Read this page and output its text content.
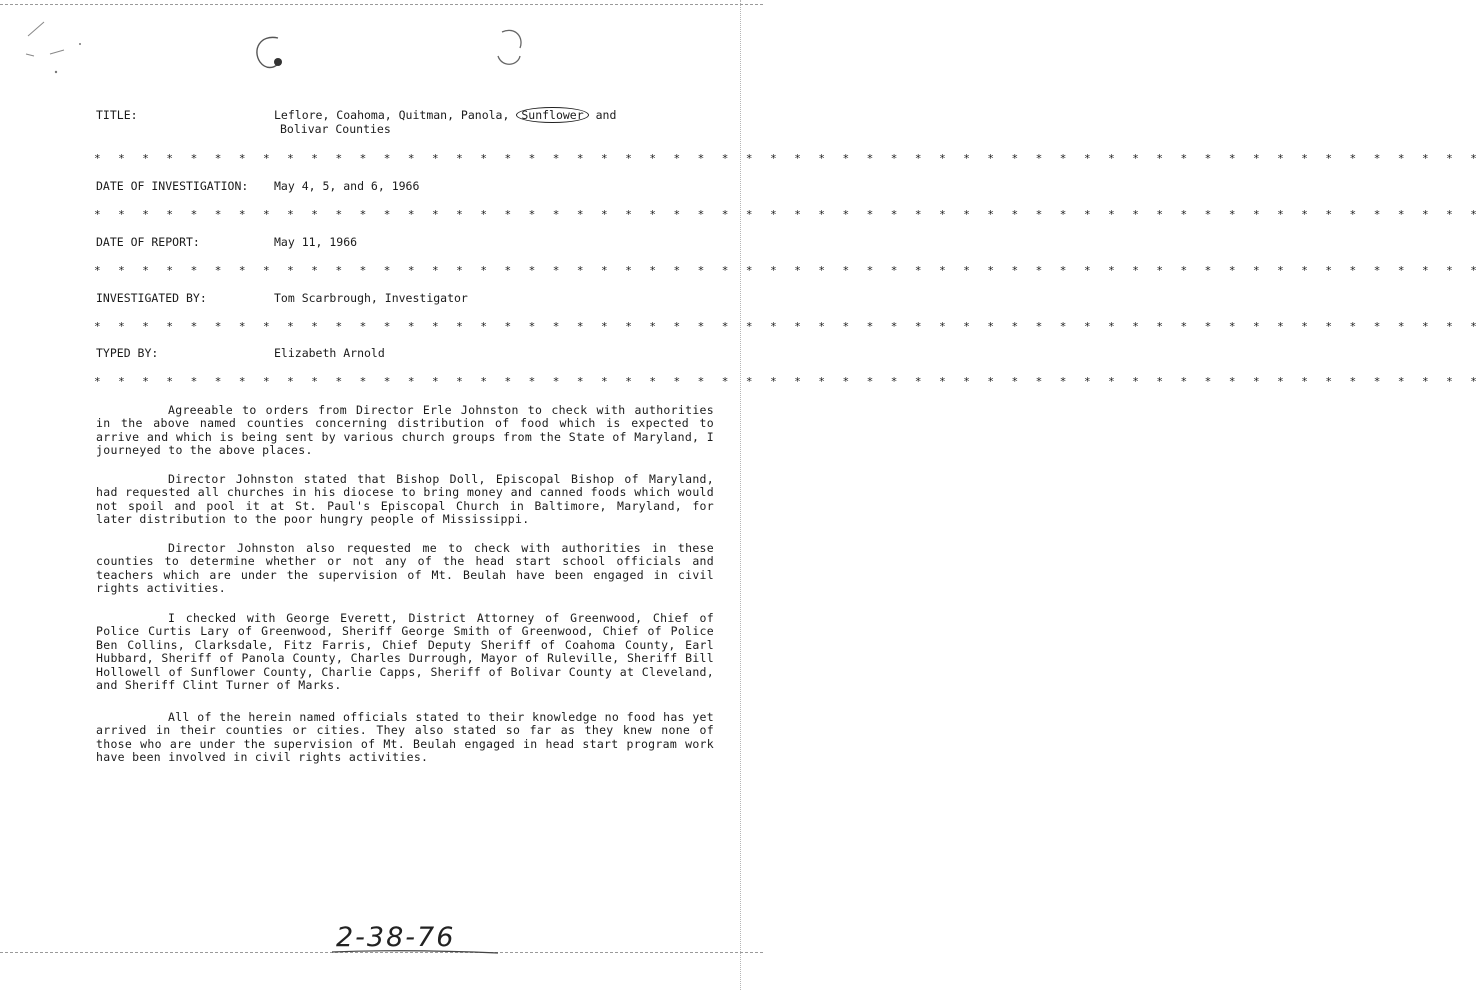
TITLE:	Leflore, Coahoma, Quitman, Panola, Sunflower and
Bolivar Counties
* * * * * * * * * * * * * * * * * * * * * * * * * * * * * * * * * * * * * * * * * * * * * * * * * * * * * * * * * *
DATE OF INVESTIGATION: May 4, 5, and 6, 1966
* * * * * * * * * * * * * * * * * * * * * * * * * * * * * * * * * * * * * * * * * * * * * * * * * * * * * * * * * *
DATE OF REPORT:	May 11, 1966
* * * * * * * * * * * * * * * * * * * * * * * * * * * * * * * * * * * * * * * * * * * * * * * * * * * * * * * * * *
INVESTIGATED BY:	Tom Scarbrough, Investigator
* * * * * * * * * * * * * * * * * * * * * * * * * * * * * * * * * * * * * * * * * * * * * * * * * * * * * * * * * *
TYPED BY:	Elizabeth Arnold
* * * * * * * * * * * * * * * * * * * * * * * * * * * * * * * * * * * * * * * * * * * * * * * * * * * * * * * * * *
Agreeable to orders from Director Erle Johnston to check with authorities in the above named counties concerning distribution of food which is expected to arrive and which is being sent by various church groups from the State of Maryland, I journeyed to the above places.
Director Johnston stated that Bishop Doll, Episcopal Bishop of Maryland, had requested all churches in his diocese to bring money and canned foods which would not spoil and pool it at St. Paul's Episcopal Church in Baltimore, Maryland, for later distribution to the poor hungry people of Mississippi.
Director Johnston also requested me to check with authorities in these counties to determine whether or not any of the head start school officials and teachers which are under the supervision of Mt. Beulah have been engaged in civil rights activities.
I checked with George Everett, District Attorney of Greenwood, Chief of Police Curtis Lary of Greenwood, Sheriff George Smith of Greenwood, Chief of Police Ben Collins, Clarksdale, Fitz Farris, Chief Deputy Sheriff of Coahoma County, Earl Hubbard, Sheriff of Panola County, Charles Durrough, Mayor of Ruleville, Sheriff Bill Hollowell of Sunflower County, Charlie Capps, Sheriff of Bolivar County at Cleveland, and Sheriff Clint Turner of Marks.
All of the herein named officials stated to their knowledge no food has yet arrived in their counties or cities. They also stated so far as they knew none of those who are under the supervision of Mt. Beulah engaged in head start program work have been involved in civil rights activities.
2-38-76
